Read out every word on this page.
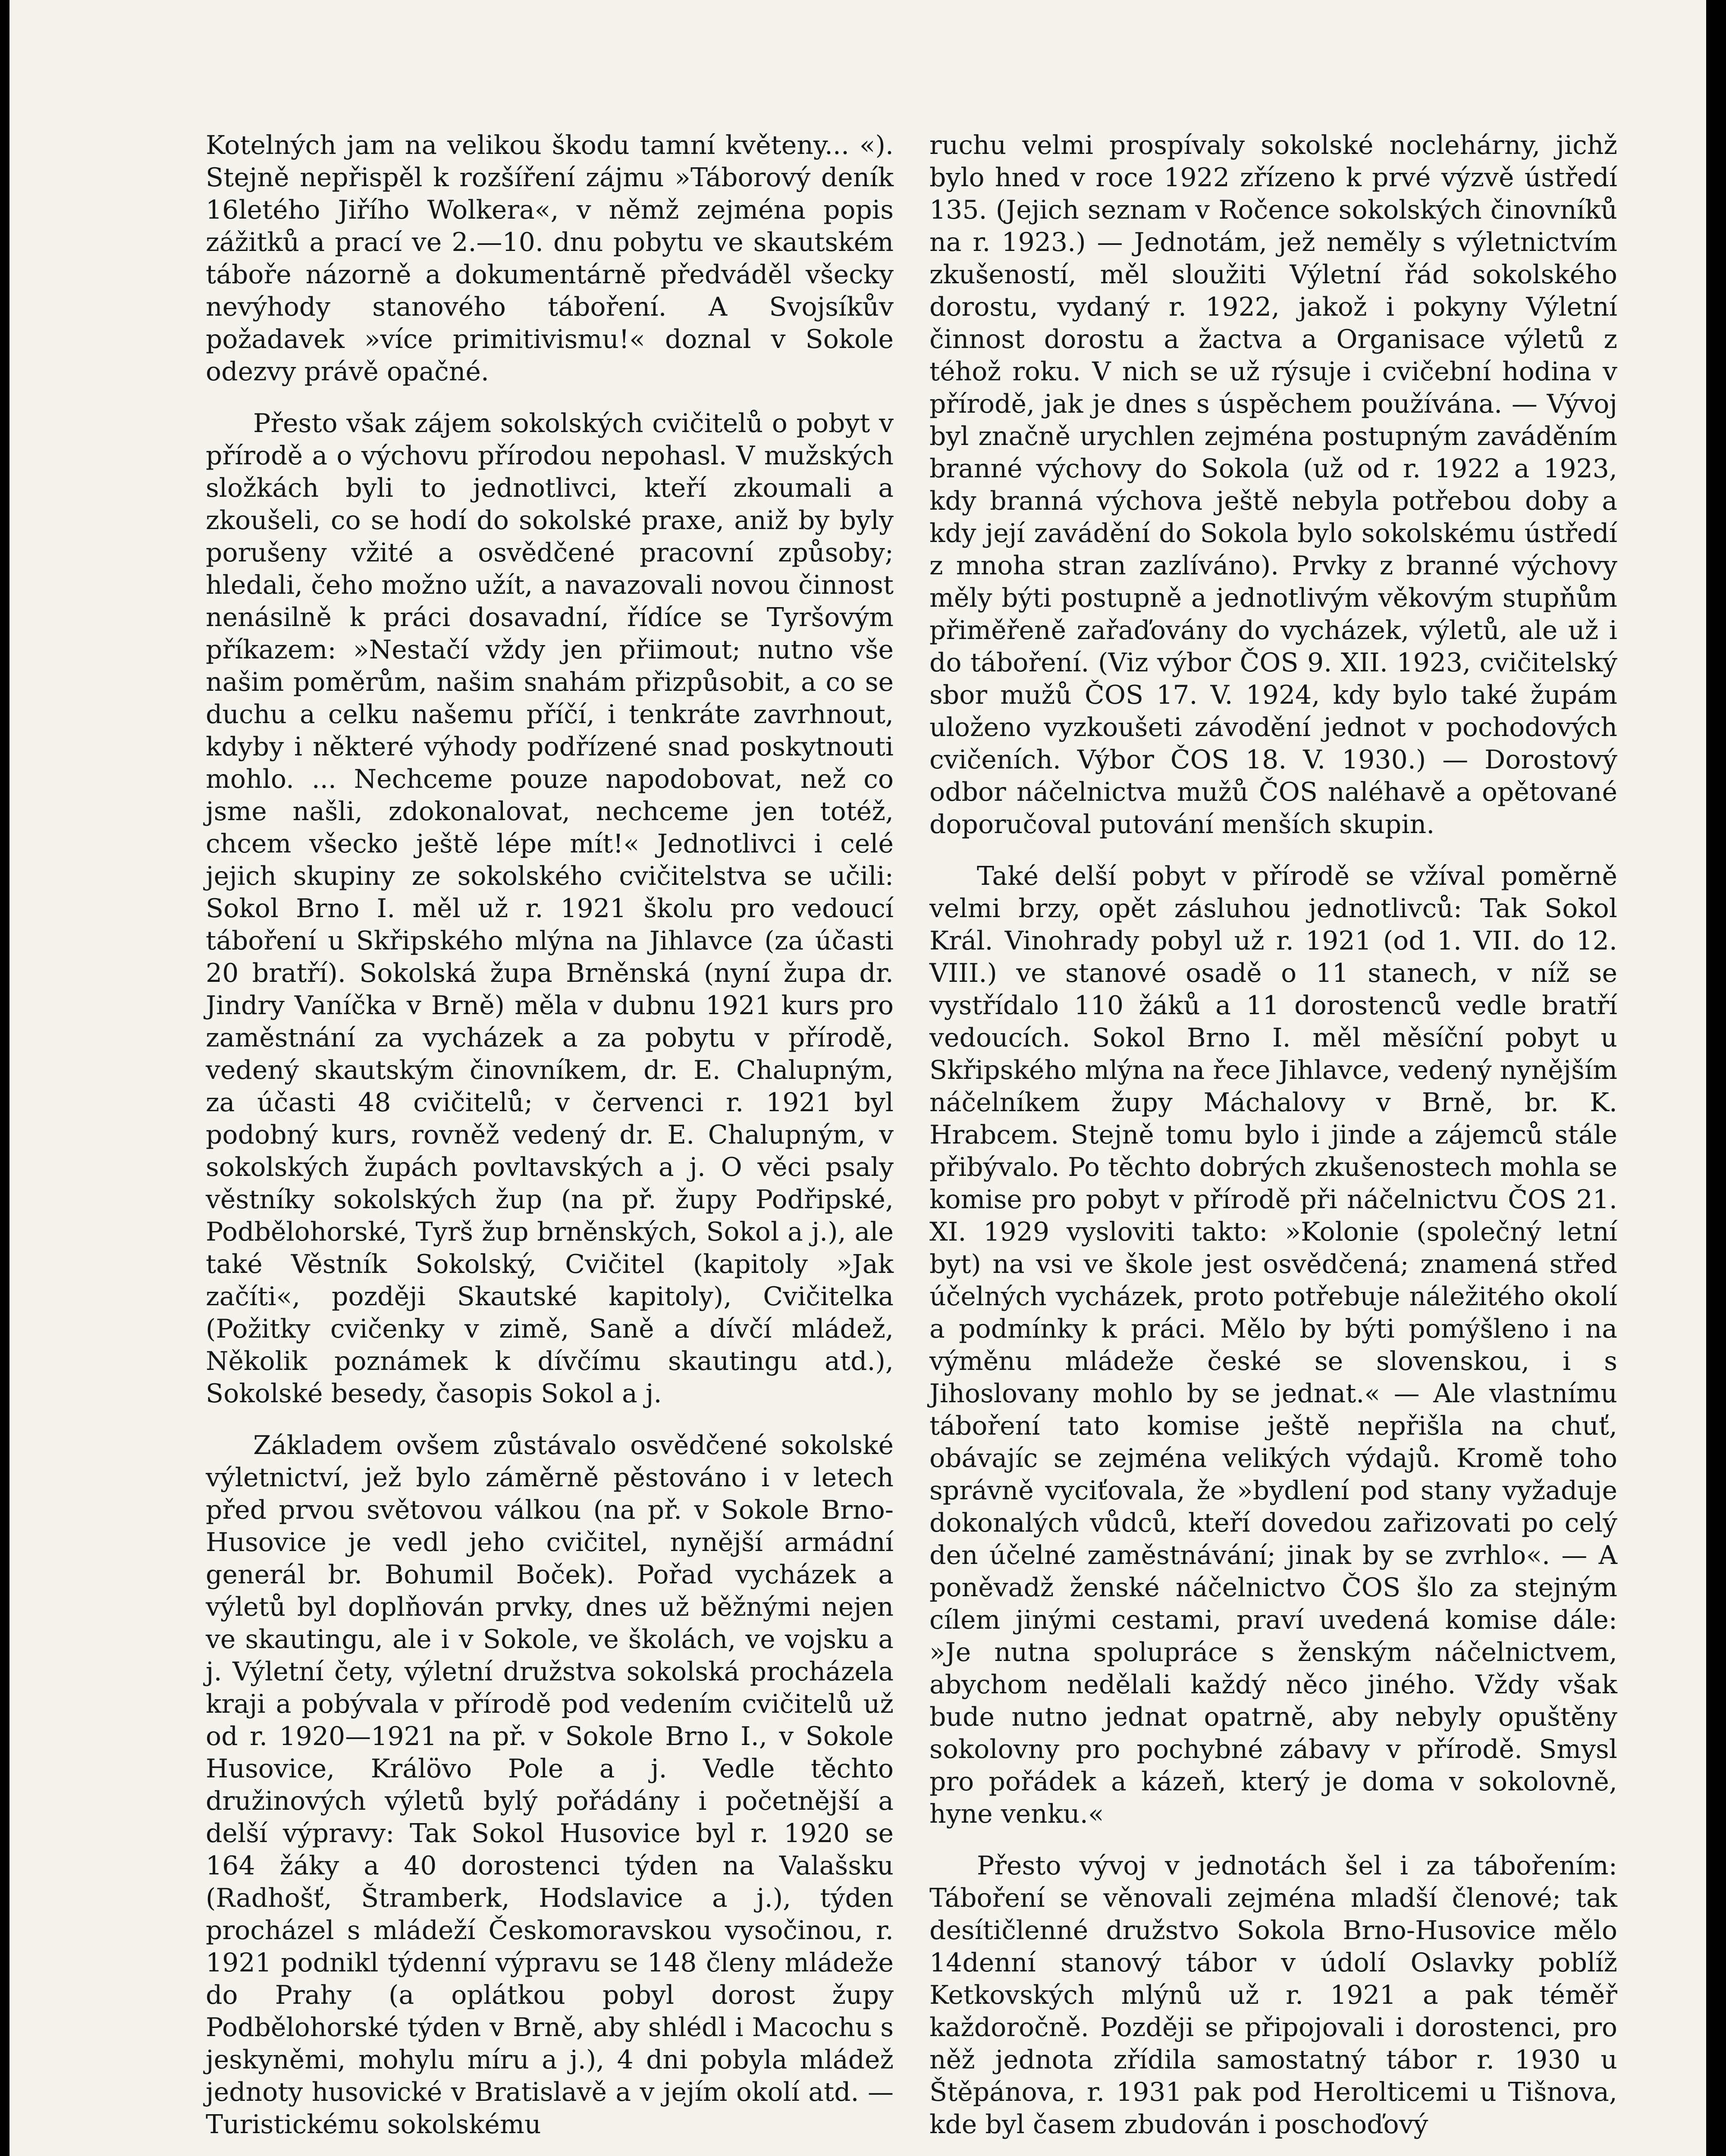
Kotelných jam na velikou škodu tamní květeny... «). Stejně nepřispěl k rozšíření zájmu »Táborový deník 16letého Jiřího Wolkera«, v němž zejména popis zážitků a prací ve 2.—10. dnu pobytu ve skautském táboře názorně a dokumentárně předváděl všecky nevýhody stanového táboření. A Svojsíkův požadavek »více primitivismu!« doznal v Sokole odezvy právě opačné.

Přesto však zájem sokolských cvičitelů o pobyt v přírodě a o výchovu přírodou nepohasl. V mužských složkách byli to jednotlivci, kteří zkoumali a zkoušeli, co se hodí do sokolské praxe, aniž by byly porušeny vžité a osvědčené pracovní způsoby; hledali, čeho možno užít, a navazovali novou činnost nenásilně k práci dosavadní, řídíce se Tyršovým příkazem: »Nestačí vždy jen přiimout; nutno vše našim poměrům, našim snahám přizpůsobit, a co se duchu a celku našemu příčí, i tenkráte zavrhnout, kdyby i některé výhody podřízené snad poskytnouti mohlo. ... Nechceme pouze napodobovat, než co jsme našli, zdokonalovat, nechceme jen totéž, chcem všecko ještě lépe mít!« Jednotlivci i celé jejich skupiny ze sokolského cvičitelstva se učili: Sokol Brno I. měl už r. 1921 školu pro vedoucí táboření u Skřipského mlýna na Jihlavce (za účasti 20 bratří). Sokolská župa Brněnská (nyní župa dr. Jindry Vaníčka v Brně) měla v dubnu 1921 kurs pro zaměstnání za vycházek a za pobytu v přírodě, vedený skautským činovníkem, dr. E. Chalupným, za účasti 48 cvičitelů; v červenci r. 1921 byl podobný kurs, rovněž vedený dr. E. Chalupným, v sokolských župách povltavských a j. O věci psaly věstníky sokolských žup (na př. župy Podřipské, Podbělohorské, Tyrš žup brněnských, Sokol a j.), ale také Věstník Sokolský, Cvičitel (kapitoly »Jak začíti«, později Skautské kapitoly), Cvičitelka (Požitky cvičenky v zimě, Saně a dívčí mládež, Několik poznámek k dívčímu skautingu atd.), Sokolské besedy, časopis Sokol a j.

Základem ovšem zůstávalo osvědčené sokolské výletnictví, jež bylo záměrně pěstováno i v letech před prvou světovou válkou (na př. v Sokole Brno-Husovice je vedl jeho cvičitel, nynější armádní generál br. Bohumil Boček). Pořad vycházek a výletů byl doplňován prvky, dnes už běžnými nejen ve skautingu, ale i v Sokole, ve školách, ve vojsku a j. Výletní čety, výletní družstva sokolská procházela kraji a pobývala v přírodě pod vedením cvičitelů už od r. 1920—1921 na př. v Sokole Brno I., v Sokole Husovice, Králövo Pole a j. Vedle těchto družinových výletů bylý pořádány i početnější a delší výpravy: Tak Sokol Husovice byl r. 1920 se 164 žáky a 40 dorostenci týden na Valašsku (Radhošť, Štramberk, Hodslavice a j.), týden procházel s mládeží Českomoravskou vysočinou, r. 1921 podnikl týdenní výpravu se 148 členy mládeže do Prahy (a oplátkou pobyl dorost župy Podbělohorské týden v Brně, aby shlédl i Macochu s jeskyněmi, mohylu míru a j.), 4 dni pobyla mládež jednoty husovické v Bratislavě a v jejím okolí atd. — Turistickému sokolskému

ruchu velmi prospívaly sokolské noclehárny, jichž bylo hned v roce 1922 zřízeno k prvé výzvě ústředí 135. (Jejich seznam v Ročence sokolských činovníků na r. 1923.) — Jednotám, jež neměly s výletnictvím zkušeností, měl sloužiti Výletní řád sokolského dorostu, vydaný r. 1922, jakož i pokyny Výletní činnost dorostu a žactva a Organisace výletů z téhož roku. V nich se už rýsuje i cvičební hodina v přírodě, jak je dnes s úspěchem používána. — Vývoj byl značně urychlen zejména postupným zaváděním branné výchovy do Sokola (už od r. 1922 a 1923, kdy branná výchova ještě nebyla potřebou doby a kdy její zavádění do Sokola bylo sokolskému ústředí z mnoha stran zazlíváno). Prvky z branné výchovy měly býti postupně a jednotlivým věkovým stupňům přiměřeně zařaďovány do vycházek, výletů, ale už i do táboření. (Viz výbor ČOS 9. XII. 1923, cvičitelský sbor mužů ČOS 17. V. 1924, kdy bylo také župám uloženo vyzkoušeti závodění jednot v pochodových cvičeních. Výbor ČOS 18. V. 1930.) — Dorostový odbor náčelnictva mužů ČOS naléhavě a opětované doporučoval putování menších skupin.

Také delší pobyt v přírodě se vžíval poměrně velmi brzy, opět zásluhou jednotlivců: Tak Sokol Král. Vinohrady pobyl už r. 1921 (od 1. VII. do 12. VIII.) ve stanové osadě o 11 stanech, v níž se vystřídalo 110 žáků a 11 dorostenců vedle bratří vedoucích. Sokol Brno I. měl měsíční pobyt u Skřipského mlýna na řece Jihlavce, vedený nynějším náčelníkem župy Máchalovy v Brně, br. K. Hrabcem. Stejně tomu bylo i jinde a zájemců stále přibývalo. Po těchto dobrých zkušenostech mohla se komise pro pobyt v přírodě při náčelnictvu ČOS 21. XI. 1929 vysloviti takto: »Kolonie (společný letní byt) na vsi ve škole jest osvědčená; znamená střed účelných vycházek, proto potřebuje náležitého okolí a podmínky k práci. Mělo by býti pomýšleno i na výměnu mládeže české se slovenskou, i s Jihoslovany mohlo by se jednat.« — Ale vlastnímu táboření tato komise ještě nepřišla na chuť, obávajíc se zejména velikých výdajů. Kromě toho správně vyciťovala, že »bydlení pod stany vyžaduje dokonalých vůdců, kteří dovedou zařizovati po celý den účelné zaměstnávání; jinak by se zvrhlo«. — A poněvadž ženské náčelnictvo ČOS šlo za stejným cílem jinými cestami, praví uvedená komise dále: »Je nutna spolupráce s ženským náčelnictvem, abychom nedělali každý něco jiného. Vždy však bude nutno jednat opatrně, aby nebyly opuštěny sokolovny pro pochybné zábavy v přírodě. Smysl pro pořádek a kázeň, který je doma v sokolovně, hyne venku.«

Přesto vývoj v jednotách šel i za tábořením: Táboření se věnovali zejména mladší členové; tak desítičlenné družstvo Sokola Brno-Husovice mělo 14denní stanový tábor v údolí Oslavky poblíž Ketkovských mlýnů už r. 1921 a pak téměř každoročně. Později se připojovali i dorostenci, pro něž jednota zřídila samostatný tábor r. 1930 u Štěpánova, r. 1931 pak pod Herolticemi u Tišnova, kde byl časem zbudován i poschoďový
